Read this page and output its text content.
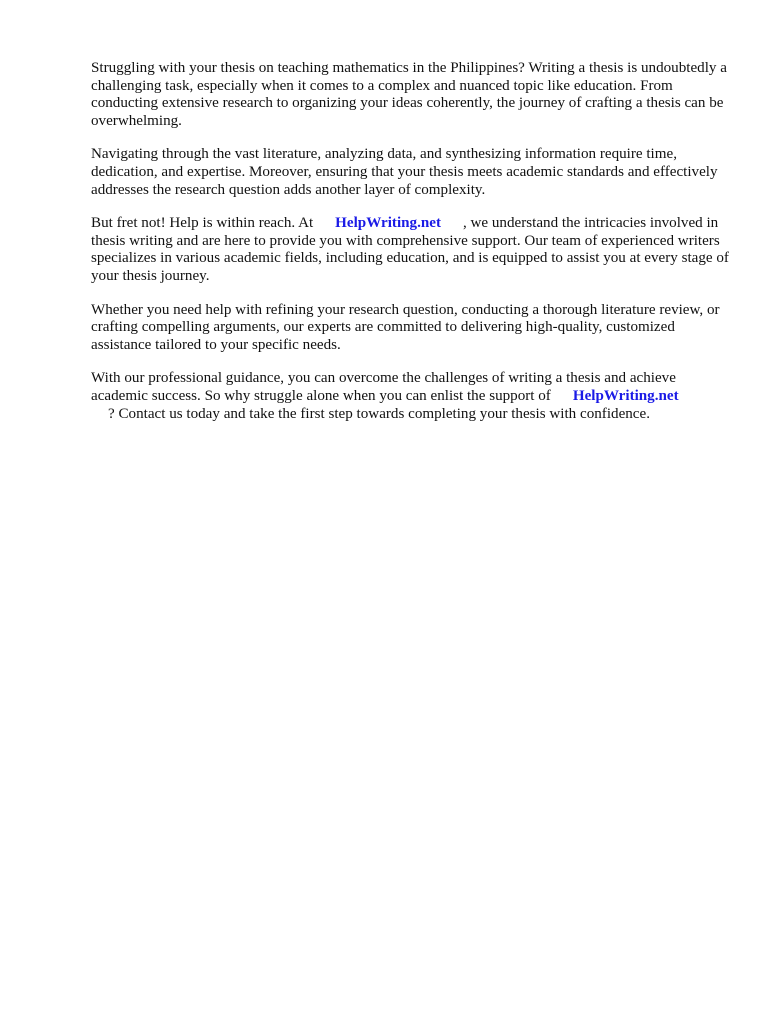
Struggling with your thesis on teaching mathematics in the Philippines? Writing a thesis is undoubtedly a challenging task, especially when it comes to a complex and nuanced topic like education. From conducting extensive research to organizing your ideas coherently, the journey of crafting a thesis can be overwhelming.

Navigating through the vast literature, analyzing data, and synthesizing information require time, dedication, and expertise. Moreover, ensuring that your thesis meets academic standards and effectively addresses the research question adds another layer of complexity.

But fret not! Help is within reach. At HelpWriting.net , we understand the intricacies involved in thesis writing and are here to provide you with comprehensive support. Our team of experienced writers specializes in various academic fields, including education, and is equipped to assist you at every stage of your thesis journey.

Whether you need help with refining your research question, conducting a thorough literature review, or crafting compelling arguments, our experts are committed to delivering high-quality, customized assistance tailored to your specific needs.

With our professional guidance, you can overcome the challenges of writing a thesis and achieve academic success. So why struggle alone when you can enlist the support of HelpWriting.net
? Contact us today and take the first step towards completing your thesis with confidence.
